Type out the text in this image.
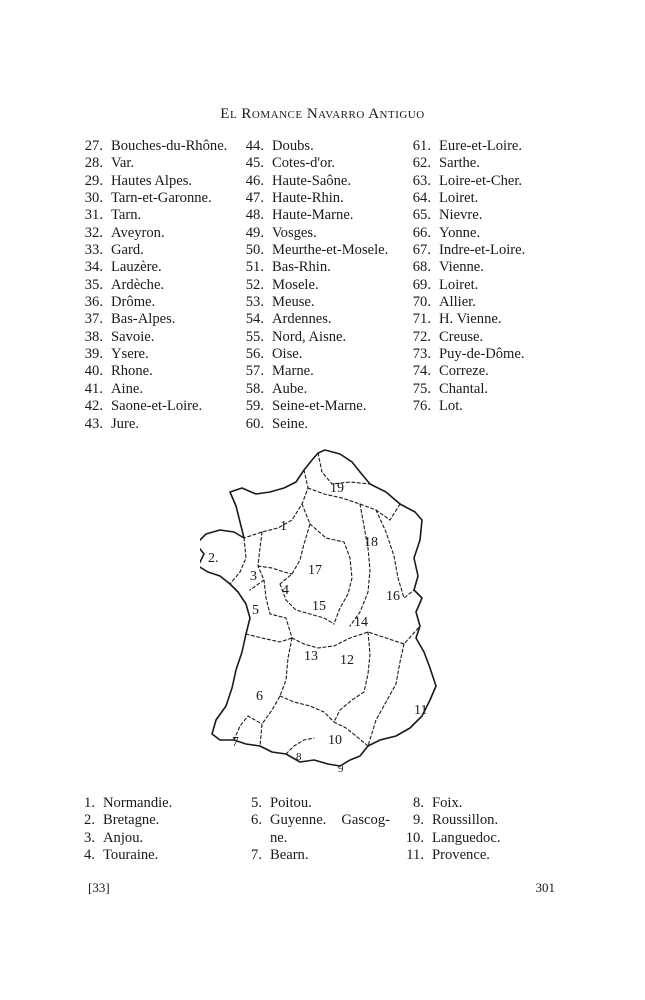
El Romance Navarro Antiguo
27. Bouches-du-Rhône.
28. Var.
29. Hautes Alpes.
30. Tarn-et-Garonne.
31. Tarn.
32. Aveyron.
33. Gard.
34. Lauzère.
35. Ardèche.
36. Drôme.
37. Bas-Alpes.
38. Savoie.
39. Ysere.
40. Rhone.
41. Aine.
42. Saone-et-Loire.
43. Jure.
44. Doubs.
45. Cotes-d'or.
46. Haute-Saône.
47. Haute-Rhin.
48. Haute-Marne.
49. Vosges.
50. Meurthe-et-Mosele.
51. Bas-Rhin.
52. Mosele.
53. Meuse.
54. Ardennes.
55. Nord, Aisne.
56. Oise.
57. Marne.
58. Aube.
59. Seine-et-Marne.
60. Seine.
61. Eure-et-Loire.
62. Sarthe.
63. Loire-et-Cher.
64. Loiret.
65. Nievre.
66. Yonne.
67. Indre-et-Loire.
68. Vienne.
69. Loiret.
70. Allier.
71. H. Vienne.
72. Creuse.
73. Puy-de-Dôme.
74. Correze.
75. Chantal.
76. Lot.
19
1
18
2.
17
3
4	16
5	15
14
13 12
6
11
7	10
8
9
1. Normandie.
2. Bretagne.
3. Anjou.
4. Touraine.
5. Poitou.
6. Guyenne. Gascog-
ne.
7. Bearn.
8. Foix.
9. Roussillon.
10. Languedoc.
11. Provence.
[33]	301
